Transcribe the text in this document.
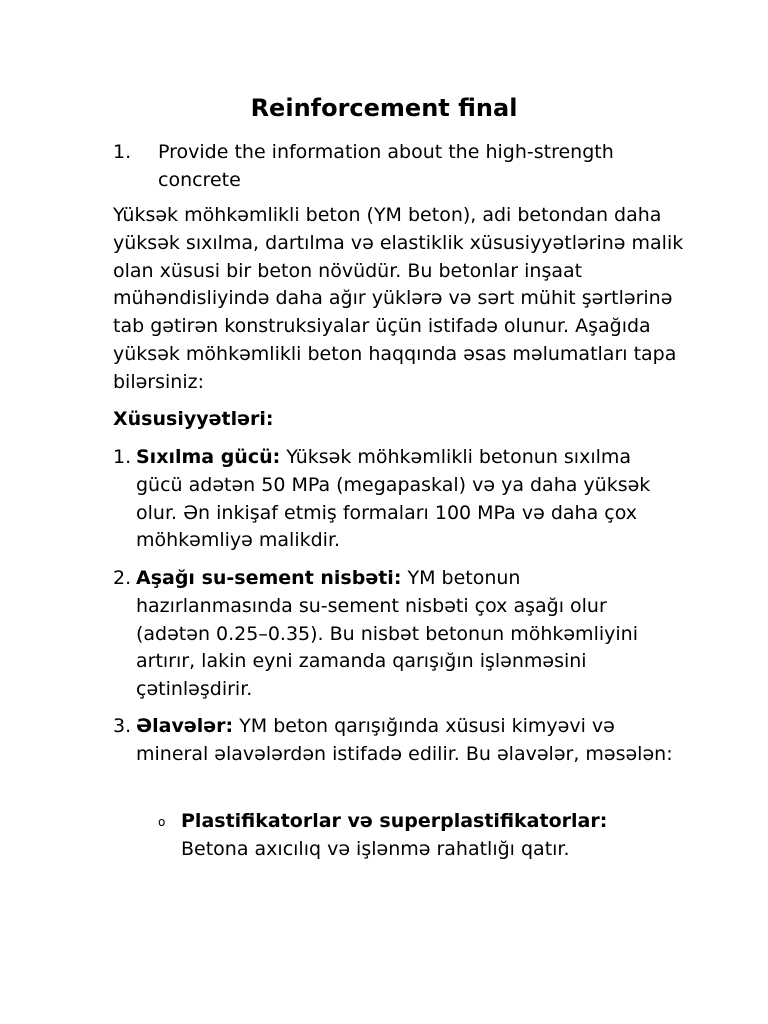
Reinforcement final
1. Provide the information about the high-strength concrete

Yüksək möhkəmlikli beton (YM beton), adi betondan daha yüksək sıxılma, dartılma və elastiklik xüsusiyyətlərinə malik olan xüsusi bir beton növüdür. Bu betonlar inşaat mühəndisliyində daha ağır yüklərə və sərt mühit şərtlərinə tab gətirən konstruksiyalar üçün istifadə olunur. Aşağıda yüksək möhkəmlikli beton haqqında əsas məlumatları tapa bilərsiniz:

Xüsusiyyətləri:

1. Sıxılma gücü: Yüksək möhkəmlikli betonun sıxılma gücü adətən 50 MPa (megapaskal) və ya daha yüksək olur. Ən inkişaf etmiş formaları 100 MPa və daha çox möhkəmliyə malikdir.
2. Aşağı su-sement nisbəti: YM betonun hazırlanmasında su-sement nisbəti çox aşağı olur (adətən 0.25–0.35). Bu nisbət betonun möhkəmliyini artırır, lakin eyni zamanda qarışığın işlənməsini çətinləşdirir.
3. Əlavələr: YM beton qarışığında xüsusi kimyəvi və mineral əlavələrdən istifadə edilir. Bu əlavələr, məsələn:
o Plastifikatorlar və superplastifikatorlar: Betona axıcılıq və işlənmə rahatlığı qatır.
